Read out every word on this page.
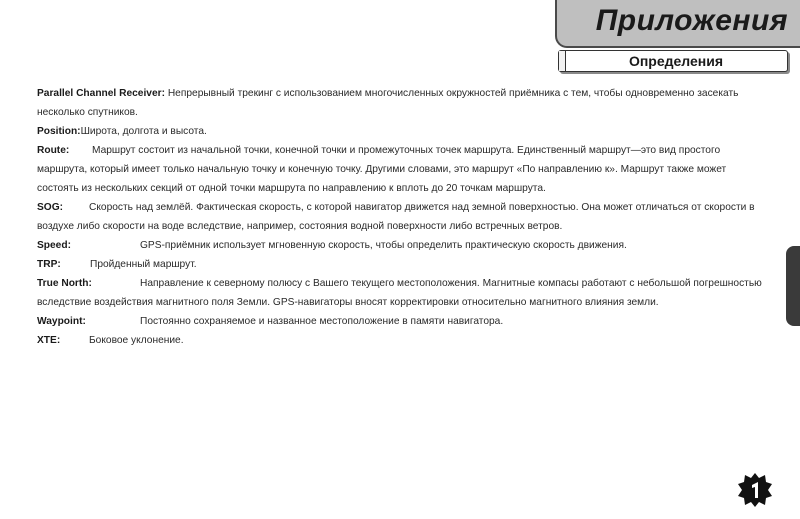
Приложения
Определения

Parallel Channel Receiver: Непрерывный трекинг с использованием многочисленных окружностей приёмника с тем, чтобы одновременно засекать несколько спутников.

Position:Широта, долгота и высота.

Route: Маршрут состоит из начальной точки, конечной точки и промежуточных точек маршрута. Единственный маршрут—это вид простого маршрута, который имеет только начальную точку и конечную точку. Другими словами, это маршрут «По направлению к». Маршрут также может состоять из нескольких секций от одной точки маршрута по направлению к вплоть до 20 точкам маршрута.

SOG:	Скорость над землёй. Фактическая скорость, с которой навигатор движется над земной поверхностью. Она может отличаться от скорости в воздухе либо скорости на воде вследствие, например, состояния водной поверхности либо встречных ветров.

Speed:	GPS-приёмник использует мгновенную скорость, чтобы определить практическую скорость движения.

TRP:	Пройденный маршрут.

True North:	Направление к северному полюсу с Вашего текущего местоположения. Магнитные компасы работают с небольшой погрешностью вследствие воздействия магнитного поля Земли. GPS-навигаторы вносят корректировки относительно магнитного влияния земли.

Waypoint:	Постоянно сохраняемое и названное местоположение в памяти навигатора.

XTE:	Боковое уклонение.
